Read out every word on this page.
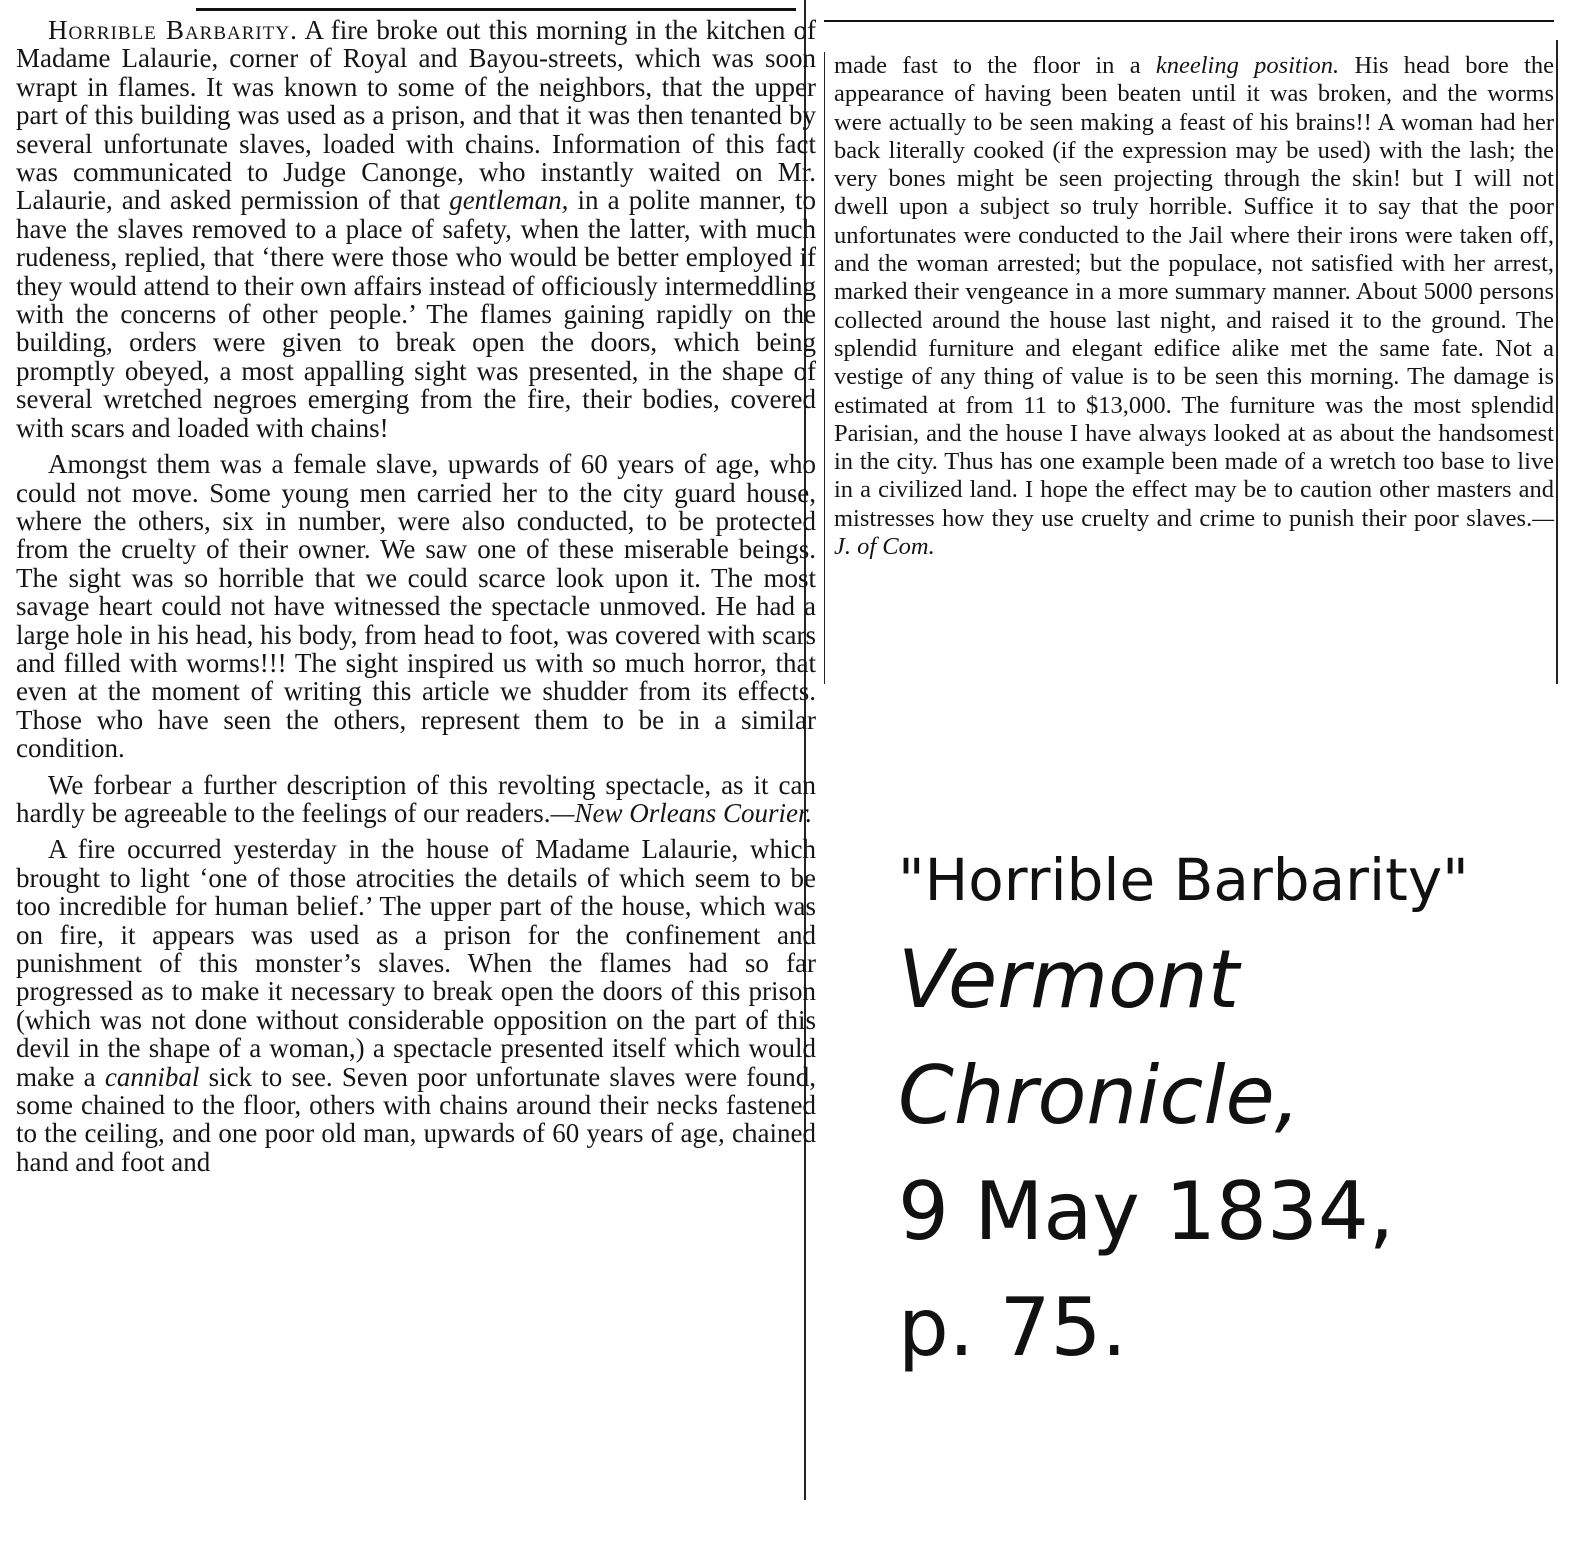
Horrible Barbarity. A fire broke out this morning in the kitchen of Madame Lalaurie, corner of Royal and Bayou-streets, which was soon wrapt in flames. It was known to some of the neighbors, that the upper part of this building was used as a prison, and that it was then tenanted by several unfortunate slaves, loaded with chains. Information of this fact was communicated to Judge Canonge, who instantly waited on Mr. Lalaurie, and asked permission of that gentleman, in a polite manner, to have the slaves removed to a place of safety, when the latter, with much rudeness, replied, that ‘there were those who would be better employed if they would attend to their own affairs instead of officiously intermeddling with the concerns of other people.’ The flames gaining rapidly on the building, orders were given to break open the doors, which being promptly obeyed, a most appalling sight was presented, in the shape of several wretched negroes emerging from the fire, their bodies, covered with scars and loaded with chains!

Amongst them was a female slave, upwards of 60 years of age, who could not move. Some young men carried her to the city guard house, where the others, six in number, were also conducted, to be protected from the cruelty of their owner. We saw one of these miserable beings. The sight was so horrible that we could scarce look upon it. The most savage heart could not have witnessed the spectacle unmoved. He had a large hole in his head, his body, from head to foot, was covered with scars and filled with worms!!! The sight inspired us with so much horror, that even at the moment of writing this article we shudder from its effects. Those who have seen the others, represent them to be in a similar condition.

We forbear a further description of this revolting spectacle, as it can hardly be agreeable to the feelings of our readers.—New Orleans Courier.

A fire occurred yesterday in the house of Madame Lalaurie, which brought to light ‘one of those atrocities the details of which seem to be too incredible for human belief.’ The upper part of the house, which was on fire, it appears was used as a prison for the confinement and punishment of this monster’s slaves. When the flames had so far progressed as to make it necessary to break open the doors of this prison (which was not done without considerable opposition on the part of this devil in the shape of a woman,) a spectacle presented itself which would make a cannibal sick to see. Seven poor unfortunate slaves were found, some chained to the floor, others with chains around their necks fastened to the ceiling, and one poor old man, upwards of 60 years of age, chained hand and foot and

made fast to the floor in a kneeling position. His head bore the appearance of having been beaten until it was broken, and the worms were actually to be seen making a feast of his brains!! A woman had her back literally cooked (if the expression may be used) with the lash; the very bones might be seen projecting through the skin! but I will not dwell upon a subject so truly horrible. Suffice it to say that the poor unfortunates were conducted to the Jail where their irons were taken off, and the woman arrested; but the populace, not satisfied with her arrest, marked their vengeance in a more summary manner. About 5000 persons collected around the house last night, and raised it to the ground. The splendid furniture and elegant edifice alike met the same fate. Not a vestige of any thing of value is to be seen this morning. The damage is estimated at from 11 to $13,000. The furniture was the most splendid Parisian, and the house I have always looked at as about the handsomest in the city. Thus has one example been made of a wretch too base to live in a civilized land. I hope the effect may be to caution other masters and mistresses how they use cruelty and crime to punish their poor slaves.—J. of Com.

"Horrible Barbarity"
Vermont
Chronicle,
9 May 1834,
p. 75.
